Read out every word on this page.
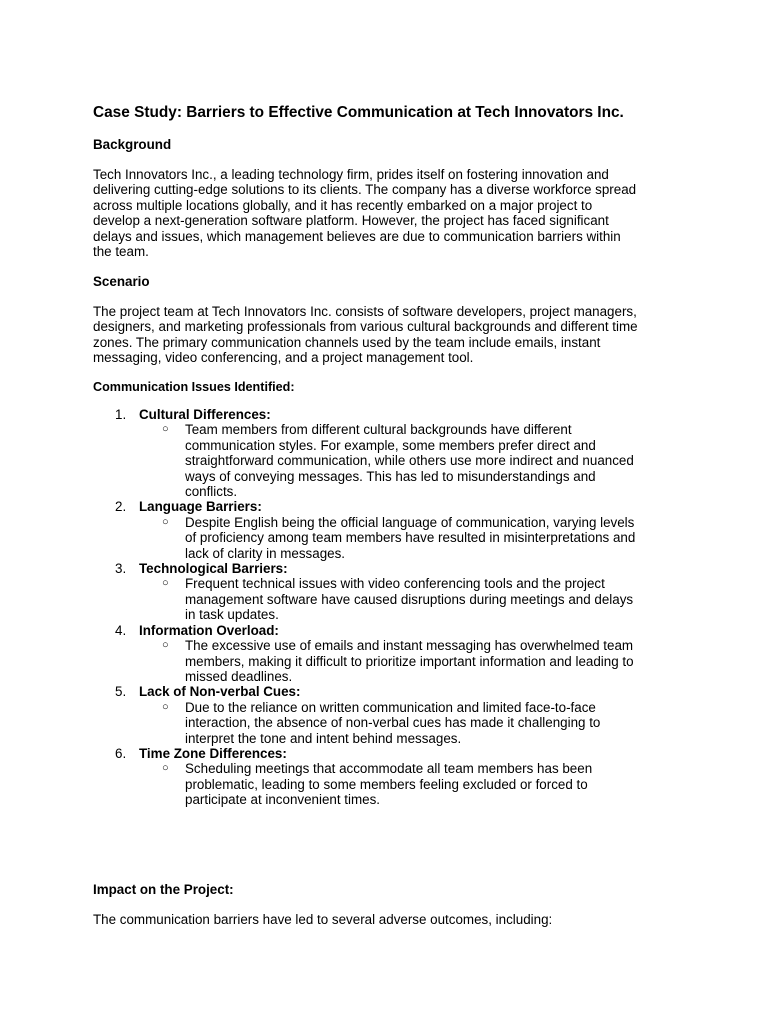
Case Study: Barriers to Effective Communication at Tech Innovators Inc.
Background
Tech Innovators Inc., a leading technology firm, prides itself on fostering innovation and
delivering cutting-edge solutions to its clients. The company has a diverse workforce spread
across multiple locations globally, and it has recently embarked on a major project to
develop a next-generation software platform. However, the project has faced significant
delays and issues, which management believes are due to communication barriers within
the team.
Scenario
The project team at Tech Innovators Inc. consists of software developers, project managers,
designers, and marketing professionals from various cultural backgrounds and different time
zones. The primary communication channels used by the team include emails, instant
messaging, video conferencing, and a project management tool.
Communication Issues Identified:
1. Cultural Differences:
○ Team members from different cultural backgrounds have different
communication styles. For example, some members prefer direct and
straightforward communication, while others use more indirect and nuanced
ways of conveying messages. This has led to misunderstandings and
conflicts.
2. Language Barriers:
○ Despite English being the official language of communication, varying levels
of proficiency among team members have resulted in misinterpretations and
lack of clarity in messages.
3. Technological Barriers:
○ Frequent technical issues with video conferencing tools and the project
management software have caused disruptions during meetings and delays
in task updates.
4. Information Overload:
○ The excessive use of emails and instant messaging has overwhelmed team
members, making it difficult to prioritize important information and leading to
missed deadlines.
5. Lack of Non-verbal Cues:
○ Due to the reliance on written communication and limited face-to-face
interaction, the absence of non-verbal cues has made it challenging to
interpret the tone and intent behind messages.
6. Time Zone Differences:
○ Scheduling meetings that accommodate all team members has been
problematic, leading to some members feeling excluded or forced to
participate at inconvenient times.
Impact on the Project:
The communication barriers have led to several adverse outcomes, including:
